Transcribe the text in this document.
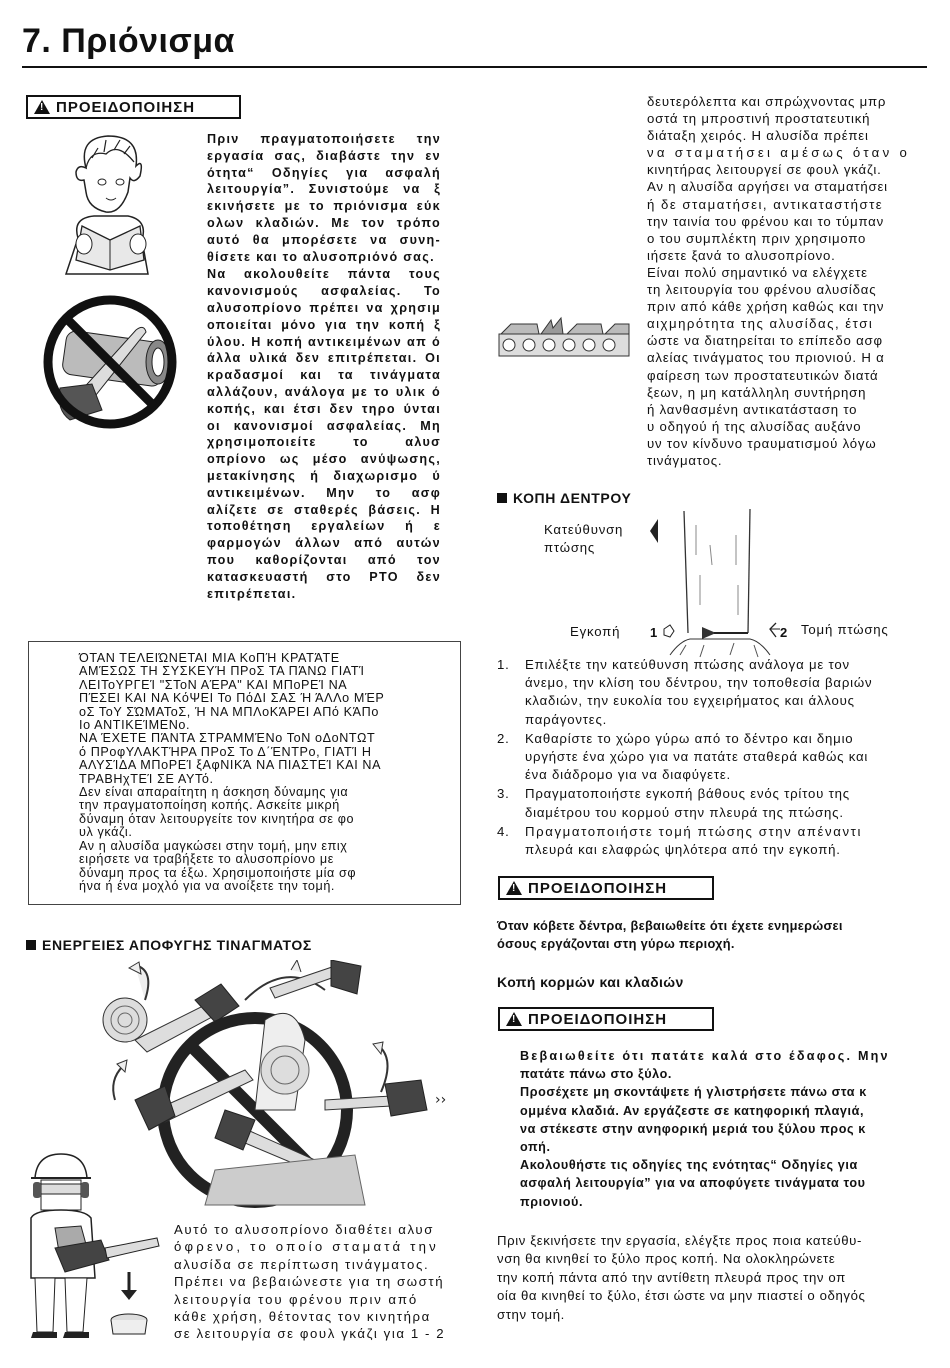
7. Πριόνισμα
!
ΠΡΟΕΙΔΟΠΟΙΗΣΗ

Πριν πραγματοποιήσετε την εργασία σας, διαβάστε την εν ότητα“ Οδηγίες για ασφαλή λειτουργία”. Συνιστούμε να ξ εκινήσετε με το πριόνισμα εύκ ολων κλαδιών. Με τον τρόπο αυτό θα μπορέσετε να συνη- θίσετε και το αλυσοπριόνό σας.

Να ακολουθείτε πάντα τους κανονισμούς ασφαλείας. Το αλυσοπρίονο πρέπει να χρησιμ οποιείται μόνο για την κοπή ξ ύλου. Η κοπή αντικειμένων απ ό άλλα υλικά δεν επιτρέπεται. Οι κραδασμοί και τα τινάγματα αλλάζουν, ανάλογα με το υλικ ό κοπής, και έτσι δεν τηρο ύνται οι κανονισμοί ασφαλείας. Μη χρησιμοποιείτε το αλυσ οπρίονο ως μέσο ανύψωσης, μετακίνησης ή διαχωρισμο ύ αντικειμένων. Μην το ασφ αλίζετε σε σταθερές βάσεις. Η τοποθέτηση εργαλείων ή ε φαρμογών άλλων από αυτών που καθορίζονται από τον κατασκευαστή στο PTO δεν επιτρέπεται.

ΌΤΑΝ ΤΕΛΕΙΏΝΕΤΑΙ ΜΙΑ ΚοΠΉ ΚΡΑΤΆΤΕ
ΑΜΈΣΩΣ ΤΗ ΣΥΣΚΕΥΉ ΠΡοΣ ΤΑ ΠΆΝΩ ΓΙΑΤΊ
ΛΕΙΤοΥΡΓΕΊ "ΣΤοΝ ΑΈΡΑ" ΚΑΙ ΜΠοΡΕΊ ΝΑ
ΠΈΣΕΙ ΚΑΙ ΝΑ ΚόΨΕΙ Το ΠόΔΙ ΣΑΣ Ή ΆΛΛο ΜΈΡ
οΣ ΤοΥ ΣΏΜΑΤοΣ, Ή ΝΑ ΜΠΛοΚΆΡΕΙ ΑΠό ΚΆΠο
Ιο ΑΝΤΙΚΕΊΜΕΝο.
ΝΑ ΈΧΕΤΕ ΠΆΝΤΑ ΣΤΡΑΜΜΈΝο ΤοΝ οΔοΝΤΩΤ
ό ΠΡοφΥΛΑΚΤΉΡΑ ΠΡοΣ Το Δ΄ΈΝΤΡο, ΓΙΑΤΊ Η
ΑΛΥΣΊΔΑ ΜΠοΡΕΊ ξΑφΝΙΚΆ ΝΑ ΠΙΑΣΤΕΊ ΚΑΙ ΝΑ
ΤΡΑΒΗχΤΕΊ ΣΕ ΑΥΤό.
Δεν είναι απαραίτητη η άσκηση δύναμης για
την πραγματοποίηση κοπής. Ασκείτε μικρή
δύναμη όταν λειτουργείτε τον κινητήρα σε φο
υλ γκάζι.
Αν η αλυσίδα μαγκώσει στην τομή, μην επιχ
ειρήσετε να τραβήξετε το αλυσοπρίονο με
δύναμη προς τα έξω. Χρησιμοποιήστε μία σφ
ήνα ή ένα μοχλό για να ανοίξετε την τομή.
ΕΝΕΡΓΕΙΕΣ ΑΠΟΦΥΓΗΣ ΤΙΝΑΓΜΑΤΟΣ
››
Αυτό το αλυσοπρίονο διαθέτει αλυσ
όφρενο, το οποίο σταματά την
αλυσίδα σε περίπτωση τινάγματος.
Πρέπει να βεβαιώνεστε για τη σωστή
λειτουργία του φρένου πριν από
κάθε χρήση, θέτοντας τον κινητήρα
σε λειτουργία σε φουλ γκάζι για 1 - 2
δευτερόλεπτα και σπρώχνοντας μπρ
οστά τη μπροστινή προστατευτική
διάταξη χειρός. Η αλυσίδα πρέπει
να σταματήσει αμέσως όταν ο
κινητήρας λειτουργεί σε φουλ γκάζι.
Αν η αλυσίδα αργήσει να σταματήσει
ή δε σταματήσει, αντικαταστήστε
την ταινία του φρένου και το τύμπαν
ο του συμπλέκτη πριν χρησιμοπο
ιήσετε ξανά το αλυσοπρίονο.
Είναι πολύ σημαντικό να ελέγχετε
τη λειτουργία του φρένου αλυσίδας
πριν από κάθε χρήση καθώς και την
αιχμηρότητα της αλυσίδας, έτσι
ώστε να διατηρείται το επίπεδο ασφ
αλείας τινάγματος του πριονιού. Η α
φαίρεση των προστατευτικών διατά
ξεων, η μη κατάλληλη συντήρηση
ή λανθασμένη αντικατάσταση το
υ οδηγού ή της αλυσίδας αυξάνο
υν τον κίνδυνο τραυματισμού λόγω
τινάγματος.
ΚΟΠΗ ΔΕΝΤΡΟΥ
Κατεύθυνση
πτώσης
Εγκοπή 1	2 Τομή πτώσης
1.	Επιλέξτε την κατεύθυνση πτώσης ανάλογα με τον
άνεμο, την κλίση του δέντρου, την τοποθεσία βαριών
κλαδιών, την ευκολία του εγχειρήματος και άλλους
παράγοντες.
2.	Καθαρίστε το χώρο γύρω από το δέντρο και δημιο
υργήστε ένα χώρο για να πατάτε σταθερά καθώς και
ένα διάδρομο για να διαφύγετε.
3.	Πραγματοποιήστε εγκοπή βάθους ενός τρίτου της
διαμέτρου του κορμού στην πλευρά της πτώσης.
4.	Πραγματοποιήστε τομή πτώσης στην απέναντι
πλευρά και ελαφρώς ψηλότερα από την εγκοπή.
!
ΠΡΟΕΙΔΟΠΟΙΗΣΗ
Όταν κόβετε δέντρα, βεβαιωθείτε ότι έχετε ενημερώσει
όσους εργάζονται στη γύρω περιοχή.
Κοπή κορμών και κλαδιών
!
ΠΡΟΕΙΔΟΠΟΙΗΣΗ
Βεβαιωθείτε ότι πατάτε καλά στο έδαφος. Μην
πατάτε πάνω στο ξύλο.
Προσέχετε μη σκοντάψετε ή γλιστρήσετε πάνω στα κ
ομμένα κλαδιά. Αν εργάζεστε σε κατηφορική πλαγιά,
να στέκεστε στην ανηφορική μεριά του ξύλου προς κ
οπή.
Ακολουθήστε τις οδηγίες της ενότητας“ Οδηγίες για
ασφαλή λειτουργία” για να αποφύγετε τινάγματα του
πριονιού.
Πριν ξεκινήσετε την εργασία, ελέγξτε προς ποια κατεύθυ-
νση θα κινηθεί το ξύλο προς κοπή. Να ολοκληρώνετε
την κοπή πάντα από την αντίθετη πλευρά προς την οπ
οία θα κινηθεί το ξύλο, έτσι ώστε να μην πιαστεί ο οδηγός
στην τομή.
